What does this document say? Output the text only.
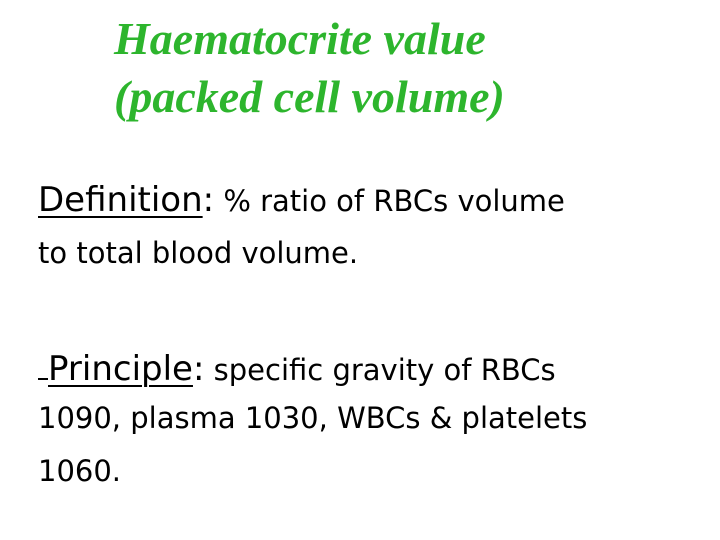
Haematocrite value
(packed cell volume)
Definition: % ratio of RBCs volume
to total blood volume.
Principle: specific gravity of RBCs
1090, plasma 1030, WBCs & platelets
1060.
